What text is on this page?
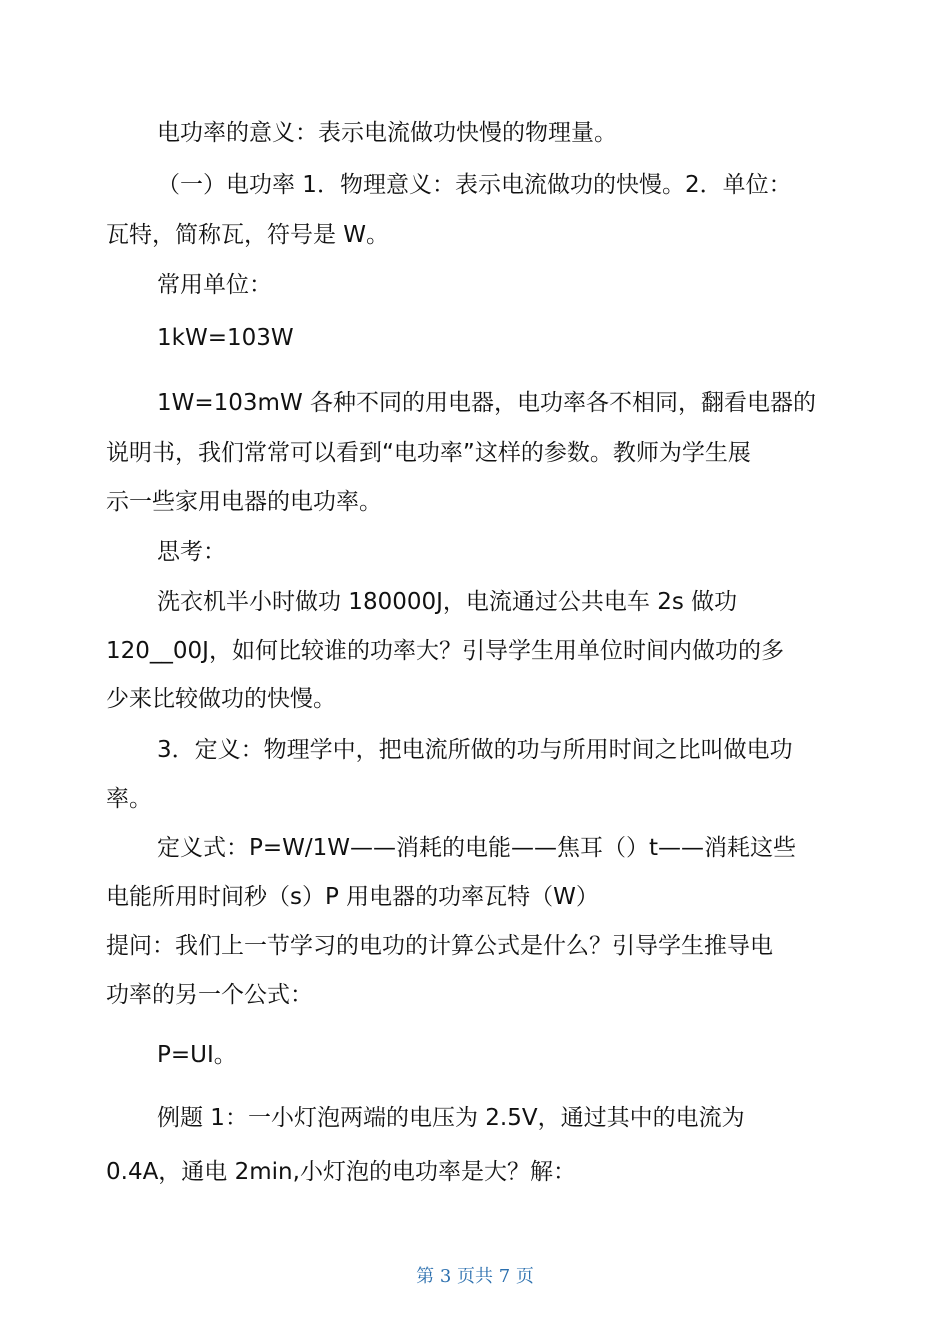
电功率的意义：表示电流做功快慢的物理量。
（一）电功率 1．物理意义：表示电流做功的快慢。2．单位：
瓦特，简称瓦，符号是 W。
常用单位：
1kW=103W
1W=103mW 各种不同的用电器，电功率各不相同，翻看电器的
说明书，我们常常可以看到“电功率”这样的参数。教师为学生展
示一些家用电器的电功率。
思考：
洗衣机半小时做功 180000J，电流通过公共电车 2s 做功
120__00J，如何比较谁的功率大？引导学生用单位时间内做功的多
少来比较做功的快慢。
3．定义：物理学中，把电流所做的功与所用时间之比叫做电功
率。
定义式：P=W/1W——消耗的电能——焦耳（）t——消耗这些
电能所用时间秒（s）P 用电器的功率瓦特（W）
提问：我们上一节学习的电功的计算公式是什么？引导学生推导电
功率的另一个公式：
P=UI。
例题 1：一小灯泡两端的电压为 2.5V，通过其中的电流为
0.4A，通电 2min,小灯泡的电功率是大？解：
第 3 页共 7 页
